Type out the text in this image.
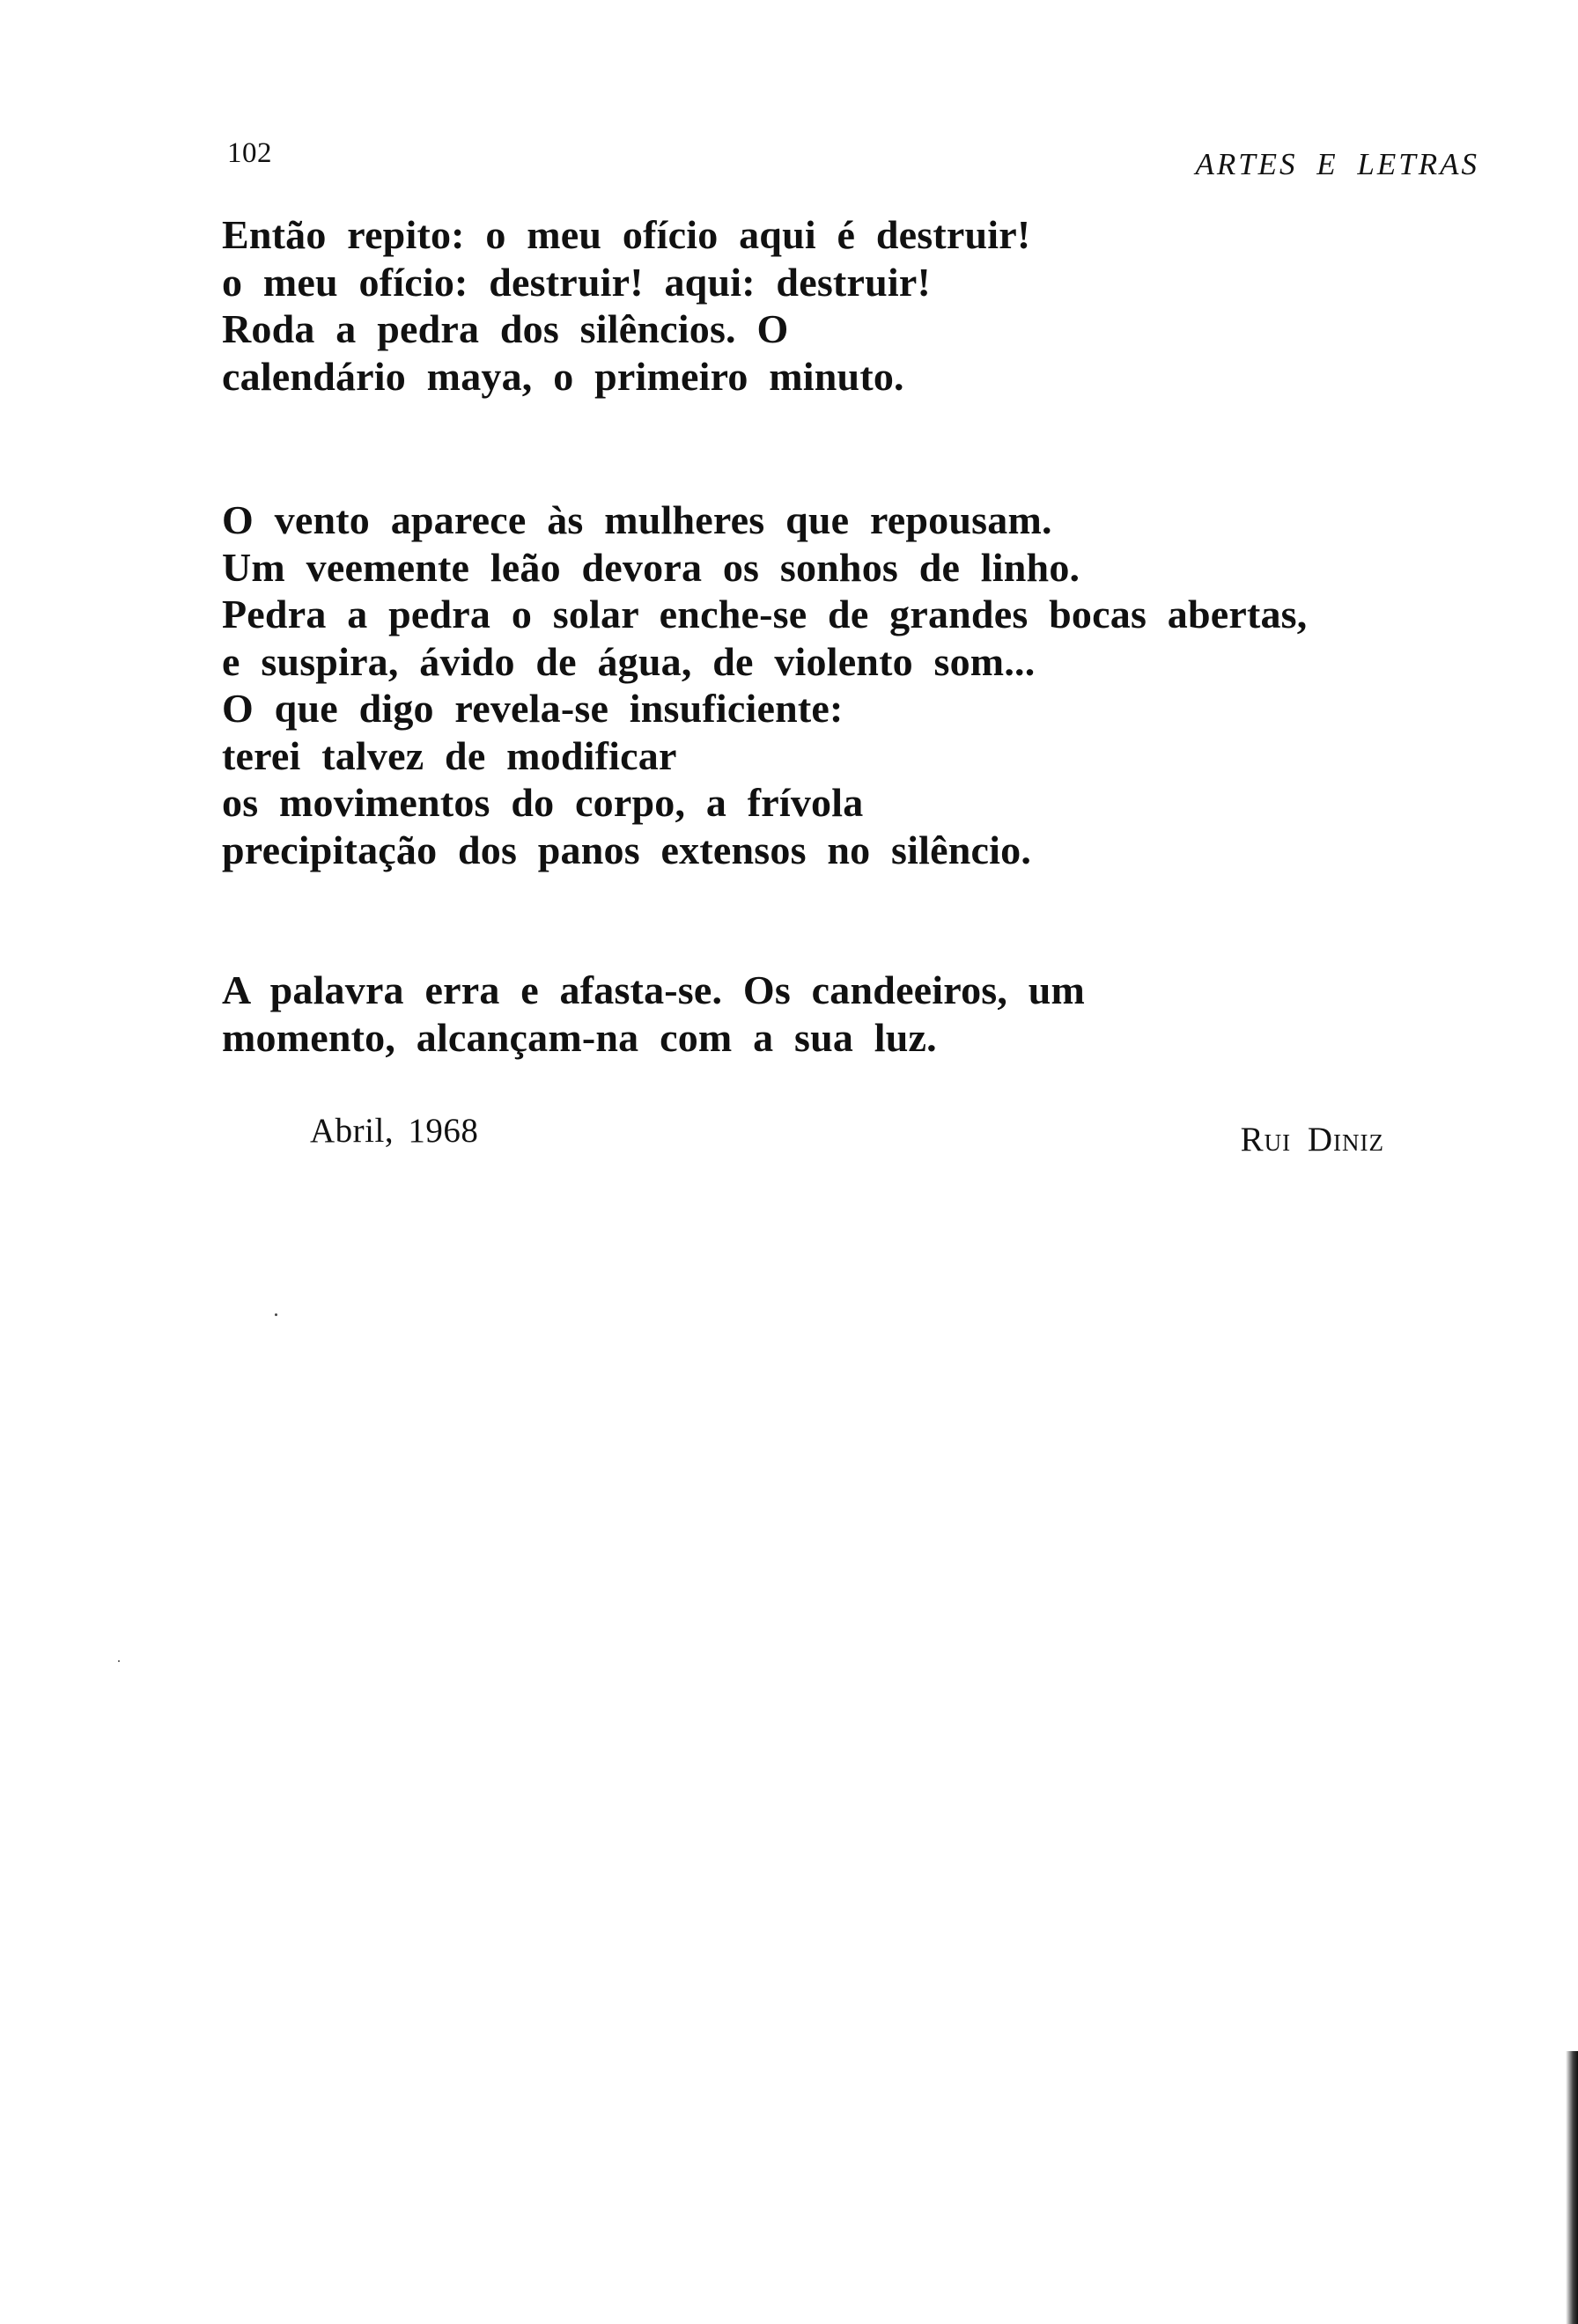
102	ARTES E LETRAS
Então repito: o meu ofício aqui é destruir!
o meu ofício: destruir! aqui: destruir!
Roda a pedra dos silêncios. O
calendário maya, o primeiro minuto.
O vento aparece às mulheres que repousam.
Um veemente leão devora os sonhos de linho.
Pedra a pedra o solar enche-se de grandes bocas abertas,
e suspira, ávido de água, de violento som...
O que digo revela-se insuficiente:
terei talvez de modificar
os movimentos do corpo, a frívola
precipitação dos panos extensos no silêncio.
A palavra erra e afasta-se. Os candeeiros, um
momento, alcançam-na com a sua luz.
Abril, 1968	Rui Diniz
